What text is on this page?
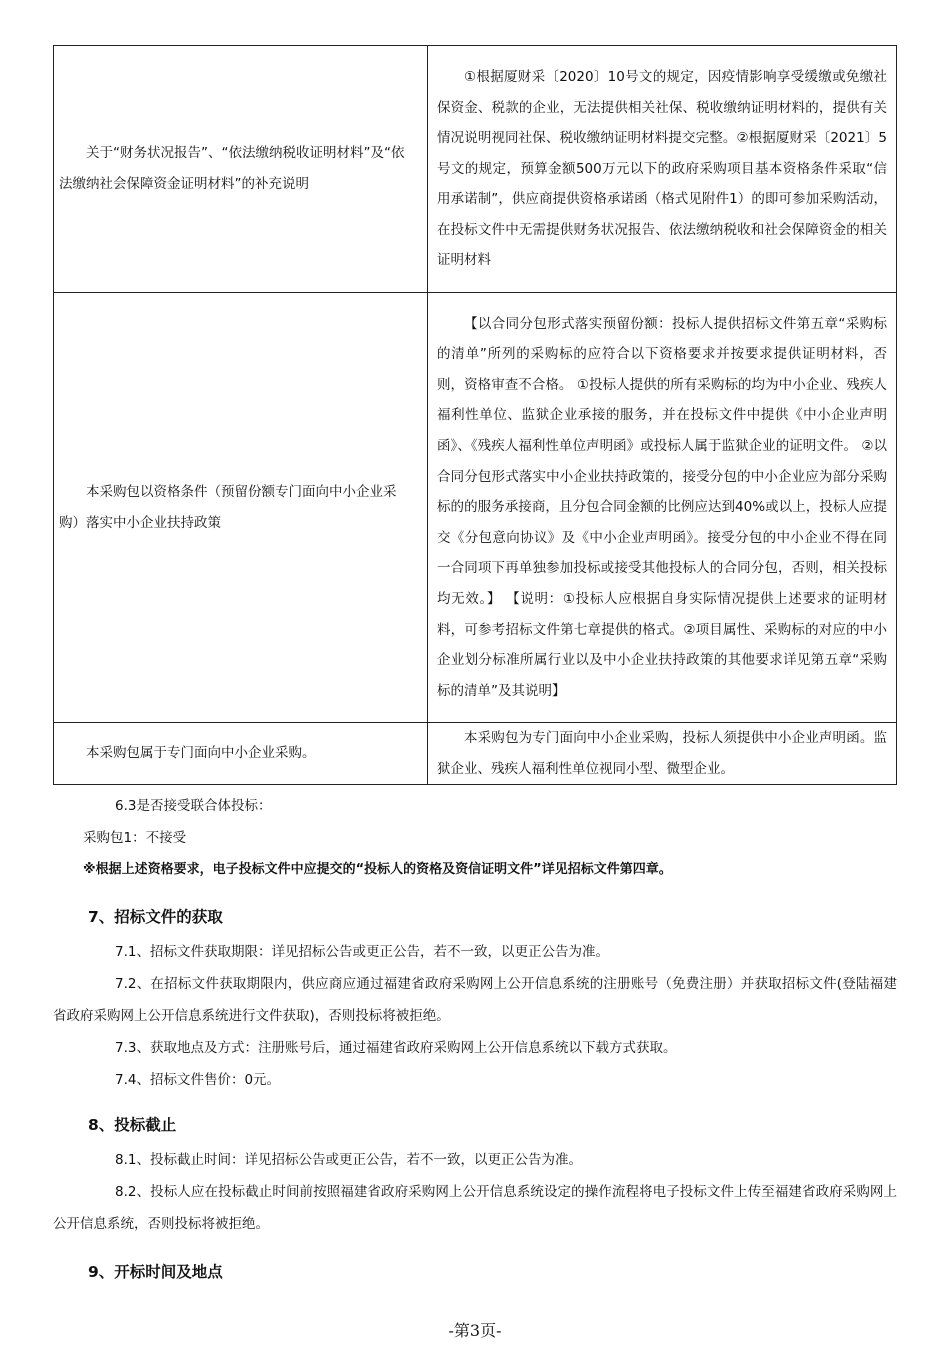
关于“财务状况报告”、“依法缴纳税收证明材料”及“依法缴纳社会保障资金证明材料”的补充说明	①根据厦财采〔2020〕10号文的规定，因疫情影响享受缓缴或免缴社保资金、税款的企业，无法提供相关社保、税收缴纳证明材料的，提供有关情况说明视同社保、税收缴纳证明材料提交完整。②根据厦财采〔2021〕5号文的规定，预算金额500万元以下的政府采购项目基本资格条件采取“信用承诺制”，供应商提供资格承诺函（格式见附件1）的即可参加采购活动，在投标文件中无需提供财务状况报告、依法缴纳税收和社会保障资金的相关证明材料

本采购包以资格条件（预留份额专门面向中小企业采购）落实中小企业扶持政策	【以合同分包形式落实预留份额：投标人提供招标文件第五章“采购标的清单”所列的采购标的应符合以下资格要求并按要求提供证明材料，否则，资格审查不合格。 ①投标人提供的所有采购标的均为中小企业、残疾人福利性单位、监狱企业承接的服务，并在投标文件中提供《中小企业声明函》、《残疾人福利性单位声明函》或投标人属于监狱企业的证明文件。 ②以合同分包形式落实中小企业扶持政策的，接受分包的中小企业应为部分采购标的的服务承接商，且分包合同金额的比例应达到40%或以上，投标人应提交《分包意向协议》及《中小企业声明函》。接受分包的中小企业不得在同一合同项下再单独参加投标或接受其他投标人的合同分包，否则，相关投标均无效。】 【说明：①投标人应根据自身实际情况提供上述要求的证明材料，可参考招标文件第七章提供的格式。②项目属性、采购标的对应的中小企业划分标准所属行业以及中小企业扶持政策的其他要求详见第五章“采购标的清单”及其说明】

本采购包属于专门面向中小企业采购。	本采购包为专门面向中小企业采购，投标人须提供中小企业声明函。监狱企业、残疾人福利性单位视同小型、微型企业。

6.3是否接受联合体投标：

采购包1：不接受

※根据上述资格要求，电子投标文件中应提交的“投标人的资格及资信证明文件”详见招标文件第四章。

7、招标文件的获取

7.1、招标文件获取期限：详见招标公告或更正公告，若不一致，以更正公告为准。

7.2、在招标文件获取期限内，供应商应通过福建省政府采购网上公开信息系统的注册账号（免费注册）并获取招标文件(登陆福建省政府采购网上公开信息系统进行文件获取)，否则投标将被拒绝。

7.3、获取地点及方式：注册账号后，通过福建省政府采购网上公开信息系统以下载方式获取。

7.4、招标文件售价：0元。

8、投标截止

8.1、投标截止时间：详见招标公告或更正公告，若不一致，以更正公告为准。

8.2、投标人应在投标截止时间前按照福建省政府采购网上公开信息系统设定的操作流程将电子投标文件上传至福建省政府采购网上公开信息系统，否则投标将被拒绝。

9、开标时间及地点
-第3页-
